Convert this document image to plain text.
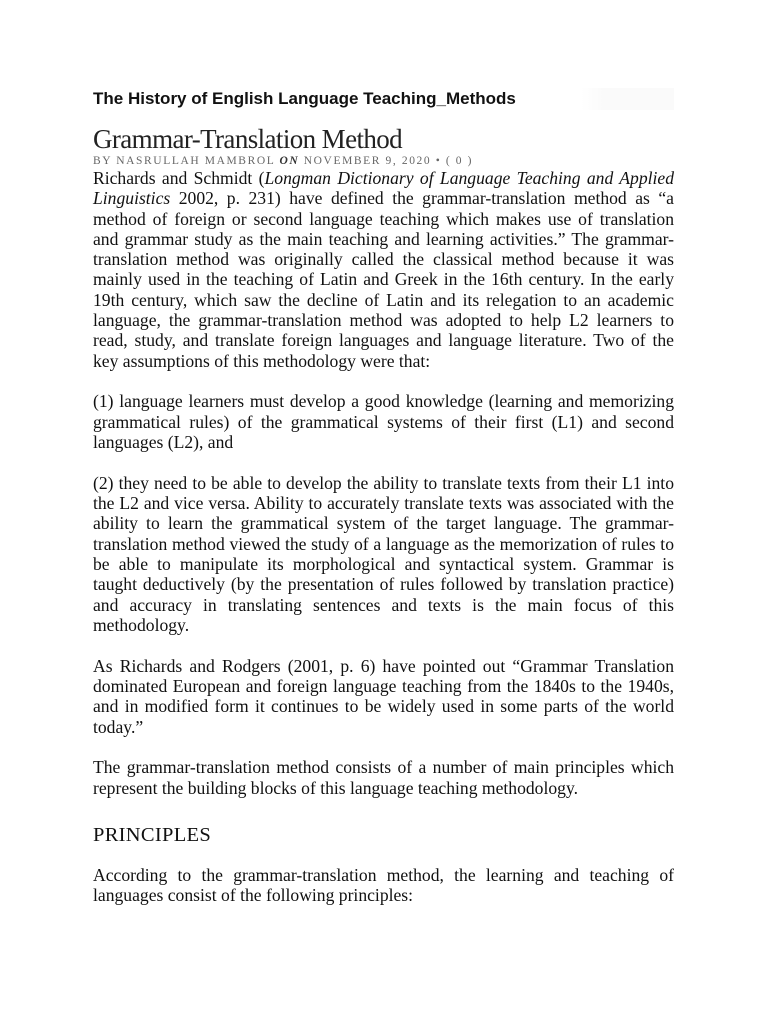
The History of English Language Teaching_Methods
Grammar-Translation Method

BY NASRULLAH MAMBROL ON NOVEMBER 9, 2020 • ( 0 )

Richards and Schmidt (Longman Dictionary of Language Teaching and Applied Linguistics 2002, p. 231) have defined the grammar-translation method as “a method of foreign or second language teaching which makes use of translation and grammar study as the main teaching and learning activities.” The grammar-translation method was originally called the classical method because it was mainly used in the teaching of Latin and Greek in the 16th century. In the early 19th century, which saw the decline of Latin and its relegation to an academic language, the grammar-translation method was adopted to help L2 learners to read, study, and translate foreign languages and language literature. Two of the key assumptions of this methodology were that:

(1) language learners must develop a good knowledge (learning and memorizing grammatical rules) of the grammatical systems of their first (L1) and second languages (L2), and

(2) they need to be able to develop the ability to translate texts from their L1 into the L2 and vice versa. Ability to accurately translate texts was associated with the ability to learn the grammatical system of the target language. The grammar-translation method viewed the study of a language as the memorization of rules to be able to manipulate its morphological and syntactical system. Grammar is taught deductively (by the presentation of rules followed by translation practice) and accuracy in translating sentences and texts is the main focus of this methodology.

As Richards and Rodgers (2001, p. 6) have pointed out “Grammar Translation dominated European and foreign language teaching from the 1840s to the 1940s, and in modified form it continues to be widely used in some parts of the world today.”

The grammar-translation method consists of a number of main principles which represent the building blocks of this language teaching methodology.

PRINCIPLES

According to the grammar-translation method, the learning and teaching of languages consist of the following principles:
